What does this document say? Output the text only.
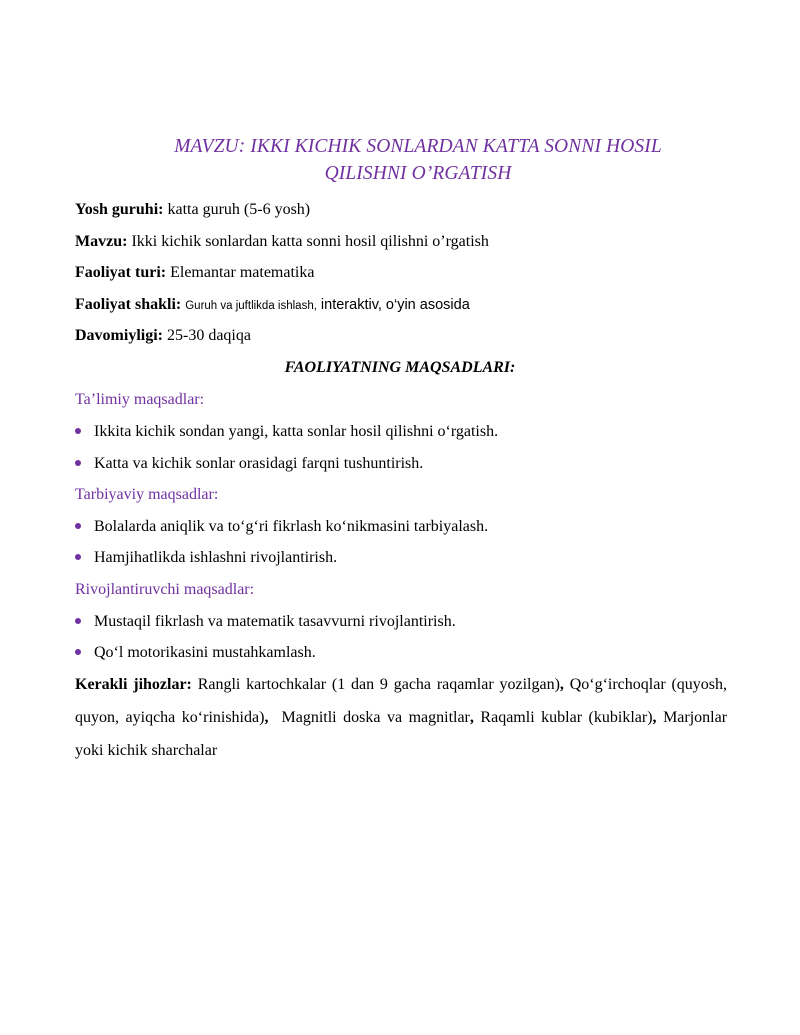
MAVZU: IKKI KICHIK SONLARDAN KATTA SONNI HOSIL
QILISHNI O’RGATISH
Yosh guruhi: katta guruh (5-6 yosh)
Mavzu: Ikki kichik sonlardan katta sonni hosil qilishni o’rgatish
Faoliyat turi: Elemantar matematika
Faoliyat shakli: Guruh va juftlikda ishlash, interaktiv, o‘yin asosida
Davomiyligi: 25-30 daqiqa
FAOLIYATNING MAQSADLARI:
Ta’limiy maqsadlar:
Ikkita kichik sondan yangi, katta sonlar hosil qilishni o‘rgatish.
Katta va kichik sonlar orasidagi farqni tushuntirish.
Tarbiyaviy maqsadlar:
Bolalarda aniqlik va to‘g‘ri fikrlash ko‘nikmasini tarbiyalash.
Hamjihatlikda ishlashni rivojlantirish.
Rivojlantiruvchi maqsadlar:
Mustaqil fikrlash va matematik tasavvurni rivojlantirish.
Qo‘l motorikasini mustahkamlash.
Kerakli jihozlar: Rangli kartochkalar (1 dan 9 gacha raqamlar yozilgan), Qo‘g‘irchoqlar (quyosh, quyon, ayiqcha ko‘rinishida), Magnitli doska va magnitlar, Raqamli kublar (kubiklar), Marjonlar yoki kichik sharchalar
